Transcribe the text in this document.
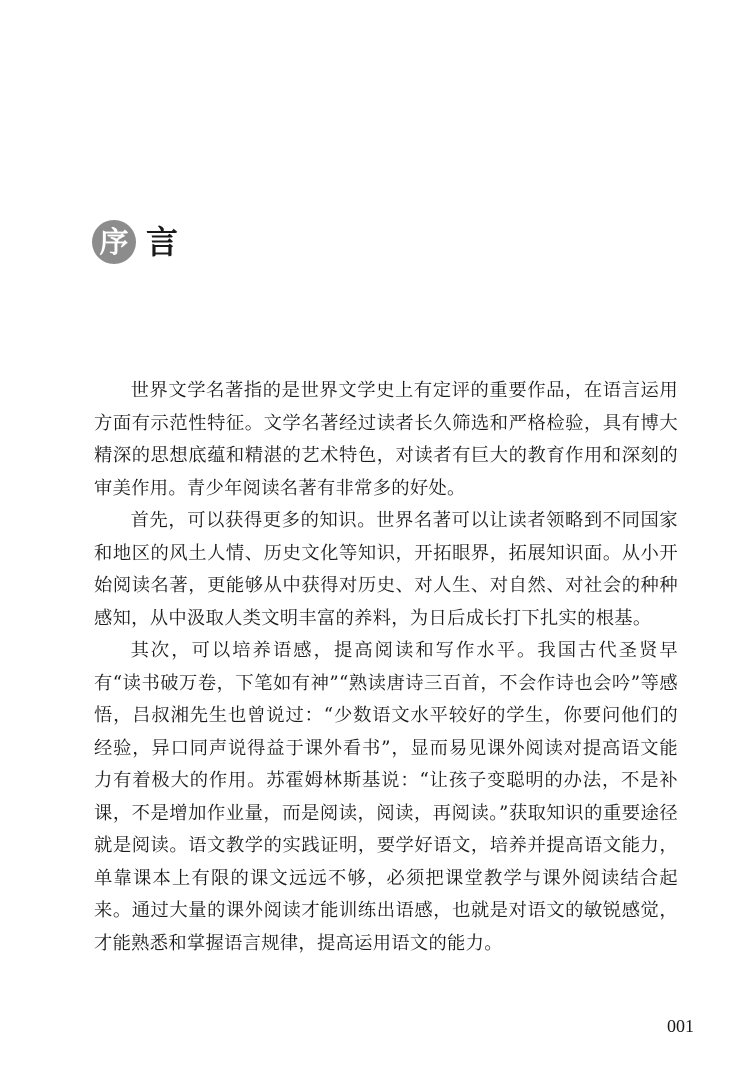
序 言

世界文学名著指的是世界文学史上有定评的重要作品，在语言运用方面有示范性特征。文学名著经过读者长久筛选和严格检验，具有博大精深的思想底蕴和精湛的艺术特色，对读者有巨大的教育作用和深刻的审美作用。青少年阅读名著有非常多的好处。

首先，可以获得更多的知识。世界名著可以让读者领略到不同国家和地区的风土人情、历史文化等知识，开拓眼界，拓展知识面。从小开始阅读名著，更能够从中获得对历史、对人生、对自然、对社会的种种感知，从中汲取人类文明丰富的养料，为日后成长打下扎实的根基。

其次，可以培养语感，提高阅读和写作水平。我国古代圣贤早有“读书破万卷，下笔如有神”“熟读唐诗三百首，不会作诗也会吟”等感悟，吕叔湘先生也曾说过：“少数语文水平较好的学生，你要问他们的经验，异口同声说得益于课外看书”，显而易见课外阅读对提高语文能力有着极大的作用。苏霍姆林斯基说：“让孩子变聪明的办法，不是补课，不是增加作业量，而是阅读，阅读，再阅读。”获取知识的重要途径就是阅读。语文教学的实践证明，要学好语文，培养并提高语文能力，单靠课本上有限的课文远远不够，必须把课堂教学与课外阅读结合起来。通过大量的课外阅读才能训练出语感，也就是对语文的敏锐感觉，才能熟悉和掌握语言规律，提高运用语文的能力。

001
